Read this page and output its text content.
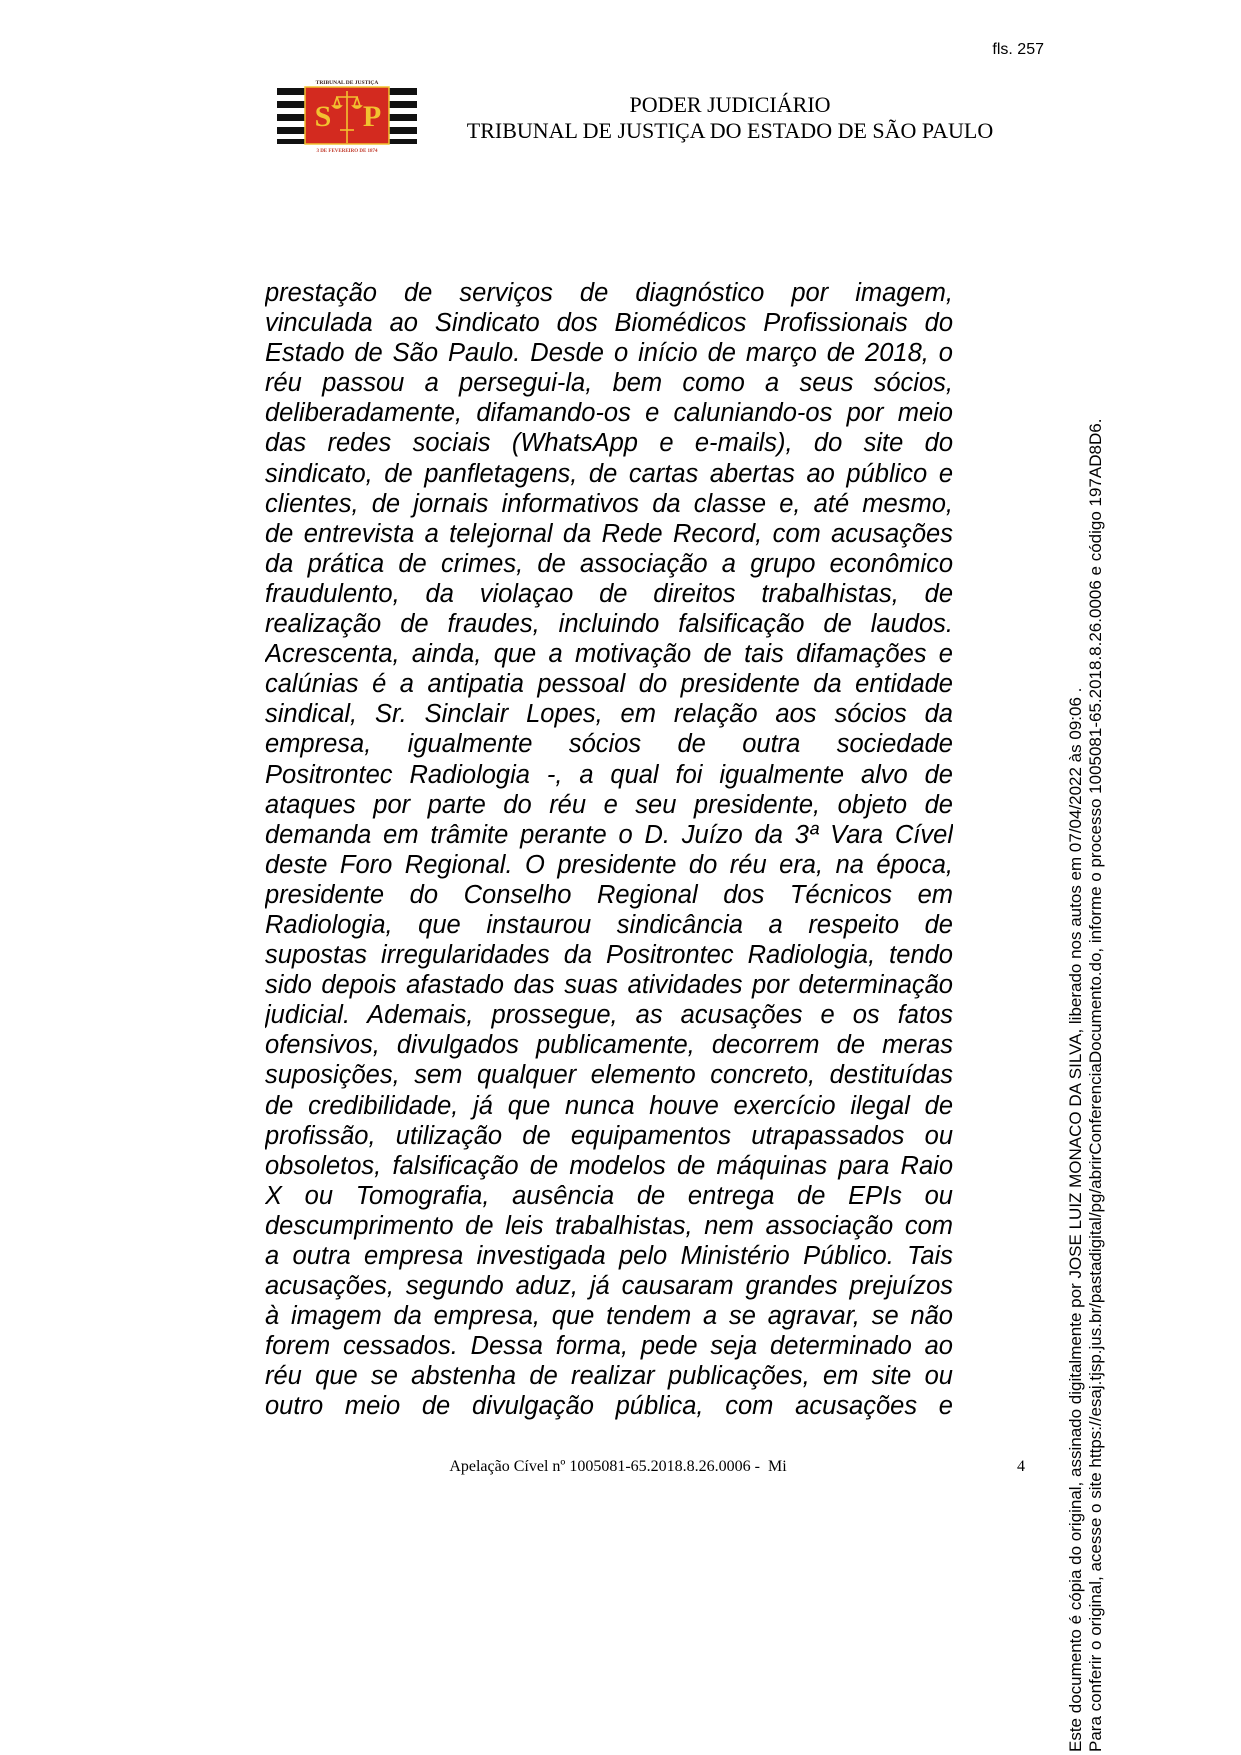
fls. 257
TRIBUNAL DE JUSTIÇA
S P
3 DE FEVEREIRO DE 1874
PODER JUDICIÁRIO
TRIBUNAL DE JUSTIÇA DO ESTADO DE SÃO PAULO
prestação de serviços de diagnóstico por imagem,
vinculada ao Sindicato dos Biomédicos Profissionais do
Estado de São Paulo. Desde o início de março de 2018, o
réu passou a persegui-la, bem como a seus sócios,
deliberadamente, difamando-os e caluniando-os por meio
das redes sociais (WhatsApp e e-mails), do site do
sindicato, de panfletagens, de cartas abertas ao público e
clientes, de jornais informativos da classe e, até mesmo,
de entrevista a telejornal da Rede Record, com acusações
da prática de crimes, de associação a grupo econômico
fraudulento, da violaçao de direitos trabalhistas, de
realização de fraudes, incluindo falsificação de laudos.
Acrescenta, ainda, que a motivação de tais difamações e
calúnias é a antipatia pessoal do presidente da entidade
sindical, Sr. Sinclair Lopes, em relação aos sócios da
empresa, igualmente sócios de outra sociedade
Positrontec Radiologia -, a qual foi igualmente alvo de
ataques por parte do réu e seu presidente, objeto de
demanda em trâmite perante o D. Juízo da 3ª Vara Cível
deste Foro Regional. O presidente do réu era, na época,
presidente do Conselho Regional dos Técnicos em
Radiologia, que instaurou sindicância a respeito de
supostas irregularidades da Positrontec Radiologia, tendo
sido depois afastado das suas atividades por determinação
judicial. Ademais, prossegue, as acusações e os fatos
ofensivos, divulgados publicamente, decorrem de meras
suposições, sem qualquer elemento concreto, destituídas
de credibilidade, já que nunca houve exercício ilegal de
profissão, utilização de equipamentos utrapassados ou
obsoletos, falsificação de modelos de máquinas para Raio
X ou Tomografia, ausência de entrega de EPIs ou
descumprimento de leis trabalhistas, nem associação com
a outra empresa investigada pelo Ministério Público. Tais
acusações, segundo aduz, já causaram grandes prejuízos
à imagem da empresa, que tendem a se agravar, se não
forem cessados. Dessa forma, pede seja determinado ao
réu que se abstenha de realizar publicações, em site ou
outro meio de divulgação pública, com acusações e
Apelação Cível nº 1005081-65.2018.8.26.0006 -  Mi	4	Este documento é cópia do original, assinado digitalmente por JOSE LUIZ MONACO DA SILVA, liberado nos autos em 07/04/2022 às 09:06 . Para conferir o original, acesse o site https://esaj.tjsp.jus.br/pastadigital/pg/abrirConferenciaDocumento.do, informe o processo 1005081-65.2018.8.26.0006 e código 197AD8D6.
